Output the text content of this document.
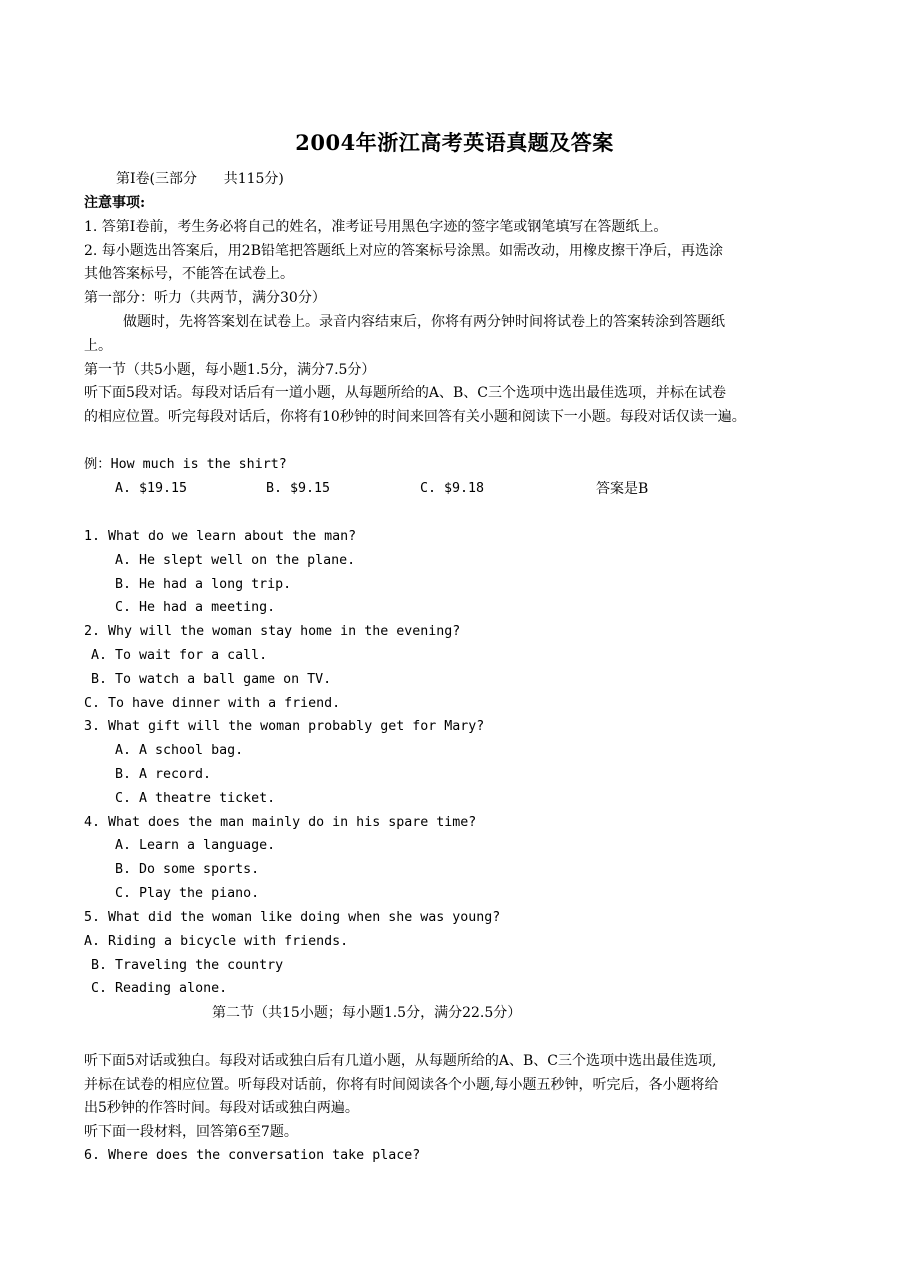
2004年浙江高考英语真题及答案
第Ⅰ卷(三部分      共115分)
注意事项:
1. 答第Ⅰ卷前，考生务必将自己的姓名，准考证号用黑色字迹的签字笔或钢笔填写在答题纸上。
2. 每小题选出答案后，用2B铅笔把答题纸上对应的答案标号涂黑。如需改动，用橡皮擦干净后，再选涂
其他答案标号，不能答在试卷上。
第一部分：听力（共两节，满分30分）
做题时，先将答案划在试卷上。录音内容结束后，你将有两分钟时间将试卷上的答案转涂到答题纸
上。
第一节（共5小题，每小题1.5分，满分7.5分）
听下面5段对话。每段对话后有一道小题，从每题所给的A、B、C三个选项中选出最佳选项，并标在试卷
的相应位置。听完每段对话后，你将有10秒钟的时间来回答有关小题和阅读下一小题。每段对话仅读一遍。
例：How much is the shirt?
A. $19.15	B. $9.15	C. $9.18	答案是B
1. What do we learn about the man?
A. He slept well on the plane.
B. He had a long trip.
C. He had a meeting.
2. Why will the woman stay home in the evening?
A. To wait for a call.
B. To watch a ball game on TV.
C. To have dinner with a friend.
3. What gift will the woman probably get for Mary?
A. A school bag.
B. A record.
C. A theatre ticket.
4. What does the man mainly do in his spare time?
A. Learn a language.
B. Do some sports.
C. Play the piano.
5. What did the woman like doing when she was young?
A. Riding a bicycle with friends.
B. Traveling the country
C. Reading alone.
第二节（共15小题；每小题1.5分，满分22.5分）
听下面5对话或独白。每段对话或独白后有几道小题，从每题所给的A、B、C三个选项中选出最佳选项,
并标在试卷的相应位置。听每段对话前，你将有时间阅读各个小题,每小题五秒钟，听完后，各小题将给
出5秒钟的作答时间。每段对话或独白两遍。
听下面一段材料，回答第6至7题。
6. Where does the conversation take place?
